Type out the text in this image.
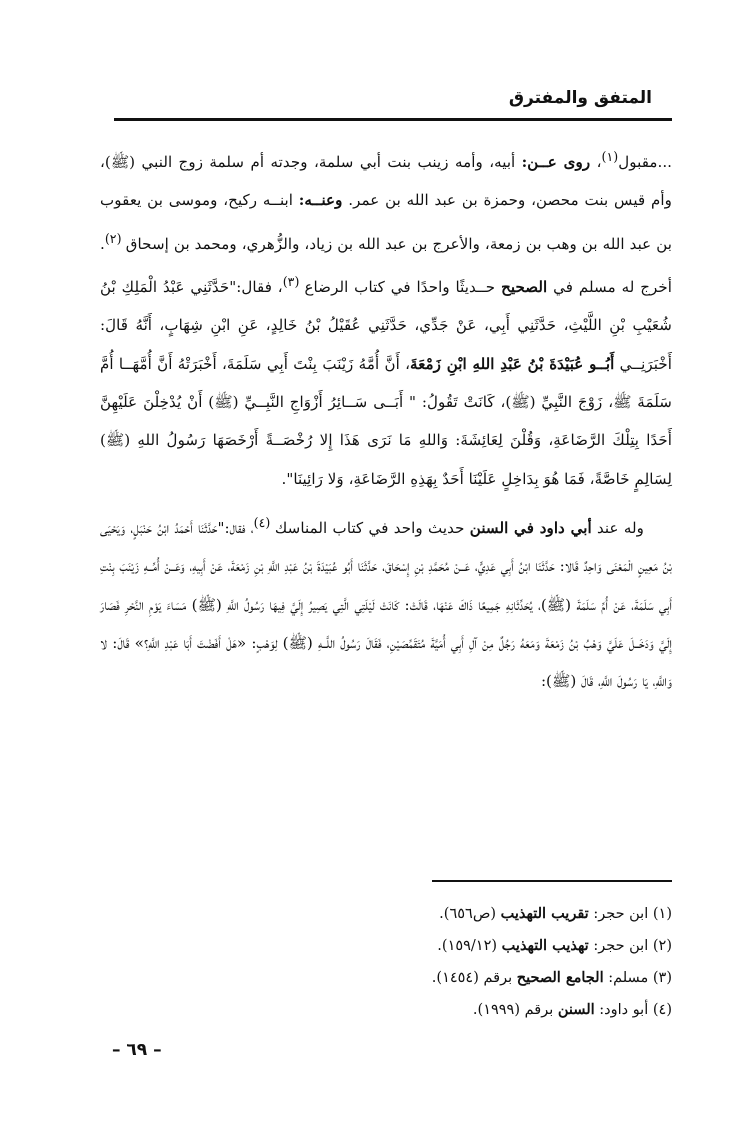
المتفق والمفترق

...مقبول$^{(١)}$، روى عــن: أبيه، وأمه زينب بنت أبي سلمة، وجدته أم سلمة زوج النبي (ﷺ)، وأم قيس بنت محصن، وحمزة بن عبد الله بن عمر. وعنــه: ابنــه ركيح، وموسى بن يعقوب بن عبد الله بن وهب بن زمعة، والأعرج بن عبد الله بن زياد، والزُّهري، ومحمد بن إسحاق $^{(٢)}$. أخرج له مسلم في الصحيح حــديثًا واحدًا في كتاب الرضاع $^{(٣)}$، فقال:"حَدَّثَنِي عَبْدُ الْمَلِكِ بْنُ شُعَيْبِ بْنِ اللَّيْثِ، حَدَّثَنِي أَبِي، عَنْ جَدِّي، حَدَّثَنِي عُقَيْلُ بْنُ خَالِدٍ، عَنِ ابْنِ شِهَابٍ، أَنَّهُ قَالَ: أَخْبَرَنِــي أَبُــو عُبَيْدَةَ بْنُ عَبْدِ اللهِ ابْنِ زَمْعَةَ، أَنَّ أُمَّهُ زَيْنَبَ بِنْتَ أَبِي سَلَمَةَ، أَخْبَرَتْهُ أَنَّ أُمَّهَــا أُمَّ سَلَمَةَ ﷺ، زَوْجَ النَّبِيِّ (ﷺ)، كَانَتْ تَقُولُ: " أَبَــى سَــائِرُ أَزْوَاجِ النَّبِــيِّ (ﷺ) أَنْ يُدْخِلْنَ عَلَيْهِنَّ أَحَدًا بِتِلْكَ الرَّضَاعَةِ، وَقُلْنَ لِعَائِشَةَ: وَاللهِ مَا نَرَى هَذَا إِلا رُخْصَــةً أَرْخَصَهَا رَسُولُ اللهِ (ﷺ) لِسَالِمٍ خَاصَّةً، فَمَا هُوَ بِدَاخِلٍ عَلَيْنَا أَحَدٌ بِهَذِهِ الرَّضَاعَةِ، وَلا رَائِينَا".

وله عند أبي داود في السنن حديث واحد في كتاب المناسك $^{(٤)}$، فقال:"حَدَّثَنَا أَحْمَدُ ابْنُ حَنْبَلٍ، وَيَحْيَى بْنُ مَعِينٍ الْمَعْنَى وَاحِدٌ قَالا: حَدَّثَنَا ابْنُ أَبِي عَدِيٍّ، عَــنْ مُحَمَّدِ بْنِ إِسْحَاقَ، حَدَّثَنَا أَبُو عُبَيْدَةَ بْنُ عَبْدِ اللَّهِ بْنِ زَمْعَةَ، عَنْ أَبِيهِ، وَعَــنْ أُمِّــهِ زَيْنَبَ بِنْتِ أَبِي سَلَمَةَ، عَنْ أُمِّ سَلَمَةَ (ﷺ)، يُحَدِّثَانِهِ جَمِيعًا ذَاكَ عَنْهَا، قَالَتْ: كَانَتْ لَيْلَتِي الَّتِي يَصِيرُ إِلَيَّ فِيهَا رَسُولُ اللَّهِ (ﷺ) مَسَاءَ يَوْمِ النَّحْرِ فَصَارَ إِلَيَّ وَدَخَــلَ عَلَيَّ وَهْبُ بْنُ زَمْعَةَ وَمَعَهُ رَجُلٌ مِنْ آلِ أَبِي أُمَيَّةَ مُتَقَمِّصَيْنِ، فَقَالَ رَسُولُ اللَّــهِ (ﷺ) لِوَهْبٍ: «هَلْ أَفَضْتَ أَبَا عَبْدِ اللَّهِ؟» قَالَ: لا وَاللَّهِ، يَا رَسُولَ اللَّهِ، قَالَ (ﷺ):

(١) ابن حجر: تقريب التهذيب (ص٦٥٦).
(٢) ابن حجر: تهذيب التهذيب (١٥٩/١٢).
(٣) مسلم: الجامع الصحيح برقم (١٤٥٤).
(٤) أبو داود: السنن برقم (١٩٩٩).
– ٦٩ –
